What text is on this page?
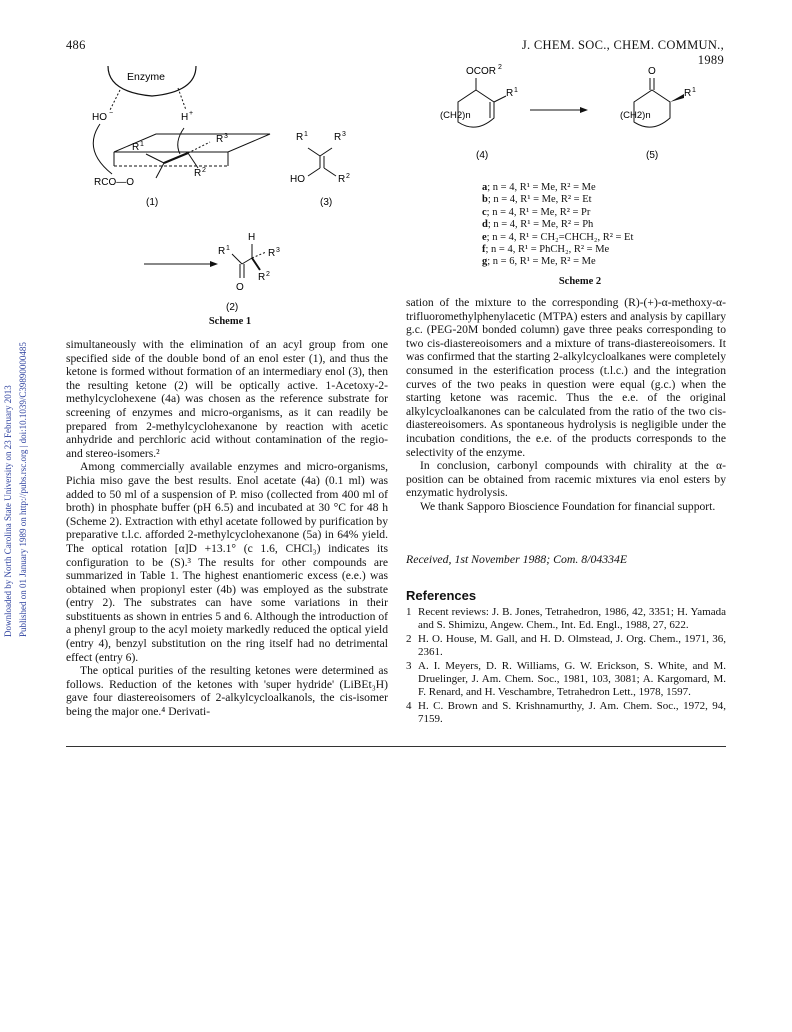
486	J. CHEM. SOC., CHEM. COMMUN., 1989
Downloaded by North Carolina State University on 23 February 2013 Published on 01 January 1989 on http://pubs.rsc.org | doi:10.1039/C39890000485
Enzyme
HO −	H +
R 1	R 3
R 2
RCO—O
(1)
R 1	R 3
HO	R 2
(3)
H
R 1	R 3
R 2
O
(2)
Scheme 1
OCOR 2
R 1
(CH2)n
(4)
O
R 1
(CH2)n
(5)
a; n = 4, R¹ = Me, R² = Me
b; n = 4, R¹ = Me, R² = Et
c; n = 4, R¹ = Me, R² = Pr
d; n = 4, R¹ = Me, R² = Ph
e; n = 4, R¹ = CH₂=CHCH₂, R² = Et
f; n = 4, R¹ = PhCH₂, R² = Me
g; n = 6, R¹ = Me, R² = Me
Scheme 2

simultaneously with the elimination of an acyl group from one specified side of the double bond of an enol ester (1), and thus the ketone is formed without formation of an intermediary enol (3), then the resulting ketone (2) will be optically active. 1-Acetoxy-2-methylcyclohexene (4a) was chosen as the reference substrate for screening of enzymes and micro-organisms, as it can readily be prepared from 2-methylcyclohexanone by reaction with acetic anhydride and perchloric acid without contamination of the regio- and stereo-isomers.²

Among commercially available enzymes and micro-organisms, Pichia miso gave the best results. Enol acetate (4a) (0.1 ml) was added to 50 ml of a suspension of P. miso (collected from 400 ml of broth) in phosphate buffer (pH 6.5) and incubated at 30 °C for 48 h (Scheme 2). Extraction with ethyl acetate followed by purification by preparative t.l.c. afforded 2-methylcyclohexanone (5a) in 64% yield. The optical rotation [α]D +13.1° (c 1.6, CHCl₃) indicates its configuration to be (S).³ The results for other compounds are summarized in Table 1. The highest enantiomeric excess (e.e.) was obtained when propionyl ester (4b) was employed as the substrate (entry 2). The substrates can have some variations in their substituents as shown in entries 5 and 6. Although the introduction of a phenyl group to the acyl moiety markedly reduced the optical yield (entry 4), benzyl substitution on the ring itself had no detrimental effect (entry 6).

The optical purities of the resulting ketones were determined as follows. Reduction of the ketones with 'super hydride' (LiBEt₃H) gave four diastereoisomers of 2-alkylcycloalkanols, the cis-isomer being the major one.⁴ Derivati-

sation of the mixture to the corresponding (R)-(+)-α-methoxy-α-trifluoromethylphenylacetic (MTPA) esters and analysis by capillary g.c. (PEG-20M bonded column) gave three peaks corresponding to two cis-diastereoisomers and a mixture of trans-diastereoisomers. It was confirmed that the starting 2-alkylcycloalkanes were completely consumed in the esterification process (t.l.c.) and the integration curves of the two peaks in question were equal (g.c.) when the starting ketone was racemic. Thus the e.e. of the original alkylcycloalkanones can be calculated from the ratio of the two cis-diastereoisomers. As spontaneous hydrolysis is negligible under the incubation conditions, the e.e. of the products corresponds to the selectivity of the enzyme.

In conclusion, carbonyl compounds with chirality at the α-position can be obtained from racemic mixtures via enol esters by enzymatic hydrolysis.

We thank Sapporo Bioscience Foundation for financial support.

Received, 1st November 1988; Com. 8/04334E
References
1 Recent reviews: J. B. Jones, Tetrahedron, 1986, 42, 3351; H. Yamada and S. Shimizu, Angew. Chem., Int. Ed. Engl., 1988, 27, 622.
2 H. O. House, M. Gall, and H. D. Olmstead, J. Org. Chem., 1971, 36, 2361.
3 A. I. Meyers, D. R. Williams, G. W. Erickson, S. White, and M. Druelinger, J. Am. Chem. Soc., 1981, 103, 3081; A. Kargomard, M. F. Renard, and H. Veschambre, Tetrahedron Lett., 1978, 1597.
4 H. C. Brown and S. Krishnamurthy, J. Am. Chem. Soc., 1972, 94, 7159.
